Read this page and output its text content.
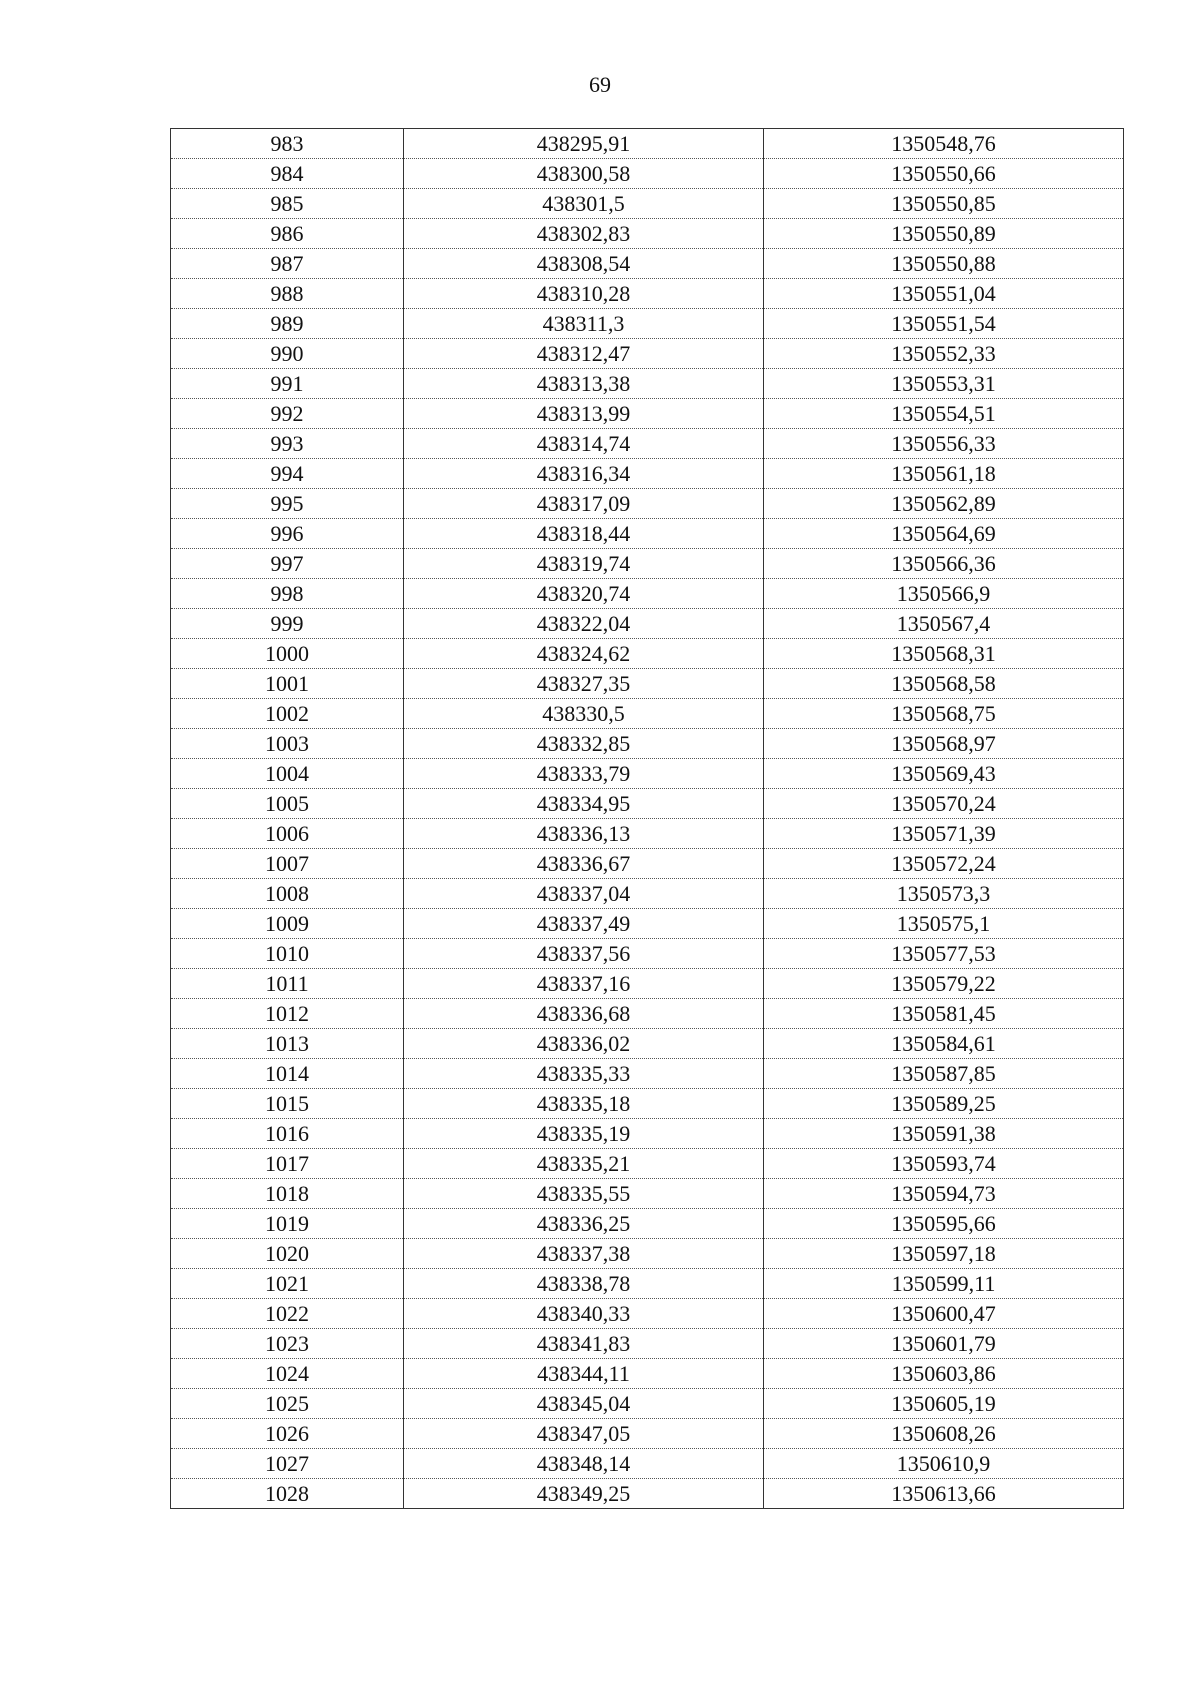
69
983	438295,91	1350548,76
984	438300,58	1350550,66
985	438301,5	1350550,85
986	438302,83	1350550,89
987	438308,54	1350550,88
988	438310,28	1350551,04
989	438311,3	1350551,54
990	438312,47	1350552,33
991	438313,38	1350553,31
992	438313,99	1350554,51
993	438314,74	1350556,33
994	438316,34	1350561,18
995	438317,09	1350562,89
996	438318,44	1350564,69
997	438319,74	1350566,36
998	438320,74	1350566,9
999	438322,04	1350567,4
1000	438324,62	1350568,31
1001	438327,35	1350568,58
1002	438330,5	1350568,75
1003	438332,85	1350568,97
1004	438333,79	1350569,43
1005	438334,95	1350570,24
1006	438336,13	1350571,39
1007	438336,67	1350572,24
1008	438337,04	1350573,3
1009	438337,49	1350575,1
1010	438337,56	1350577,53
1011	438337,16	1350579,22
1012	438336,68	1350581,45
1013	438336,02	1350584,61
1014	438335,33	1350587,85
1015	438335,18	1350589,25
1016	438335,19	1350591,38
1017	438335,21	1350593,74
1018	438335,55	1350594,73
1019	438336,25	1350595,66
1020	438337,38	1350597,18
1021	438338,78	1350599,11
1022	438340,33	1350600,47
1023	438341,83	1350601,79
1024	438344,11	1350603,86
1025	438345,04	1350605,19
1026	438347,05	1350608,26
1027	438348,14	1350610,9
1028	438349,25	1350613,66
